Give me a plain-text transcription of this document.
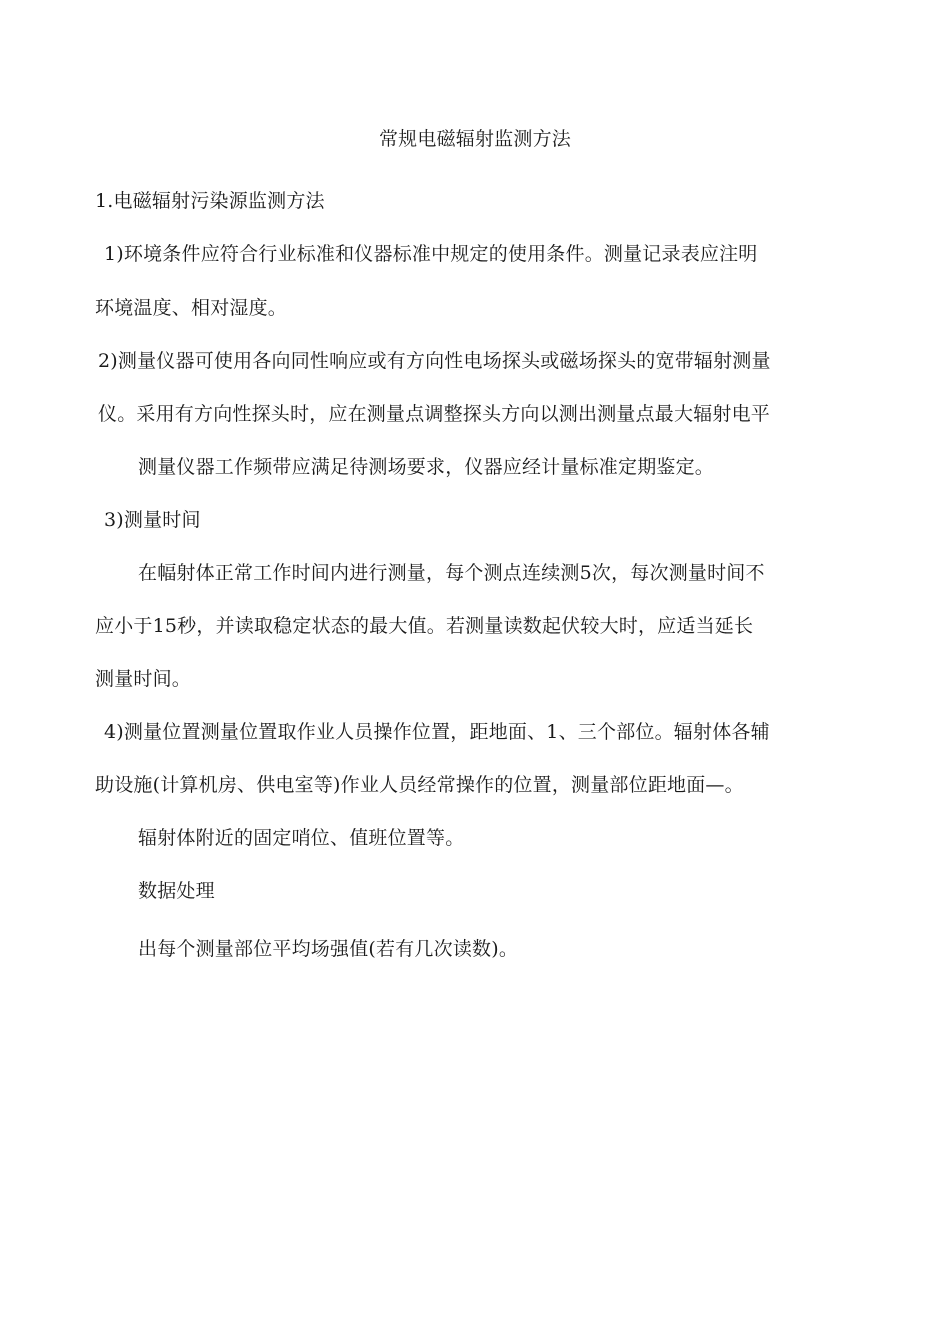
常规电磁辐射监测方法
1.电磁辐射污染源监测方法
1)环境条件应符合行业标准和仪器标准中规定的使用条件。测量记录表应注明
环境温度、相对湿度。
2)测量仪器可使用各向同性响应或有方向性电场探头或磁场探头的宽带辐射测量
仪。采用有方向性探头时，应在测量点调整探头方向以测出测量点最大辐射电平
测量仪器工作频带应满足待测场要求，仪器应经计量标准定期鉴定。
3)测量时间
在幅射体正常工作时间内进行测量，每个测点连续测5次，每次测量时间不
应小于15秒，并读取稳定状态的最大值。若测量读数起伏较大时，应适当延长
测量时间。
4)测量位置测量位置取作业人员操作位置，距地面、1、三个部位。辐射体各辅
助设施(计算机房、供电室等)作业人员经常操作的位置，测量部位距地面—。
辐射体附近的固定哨位、值班位置等。
数据处理
出每个测量部位平均场强值(若有几次读数)。
